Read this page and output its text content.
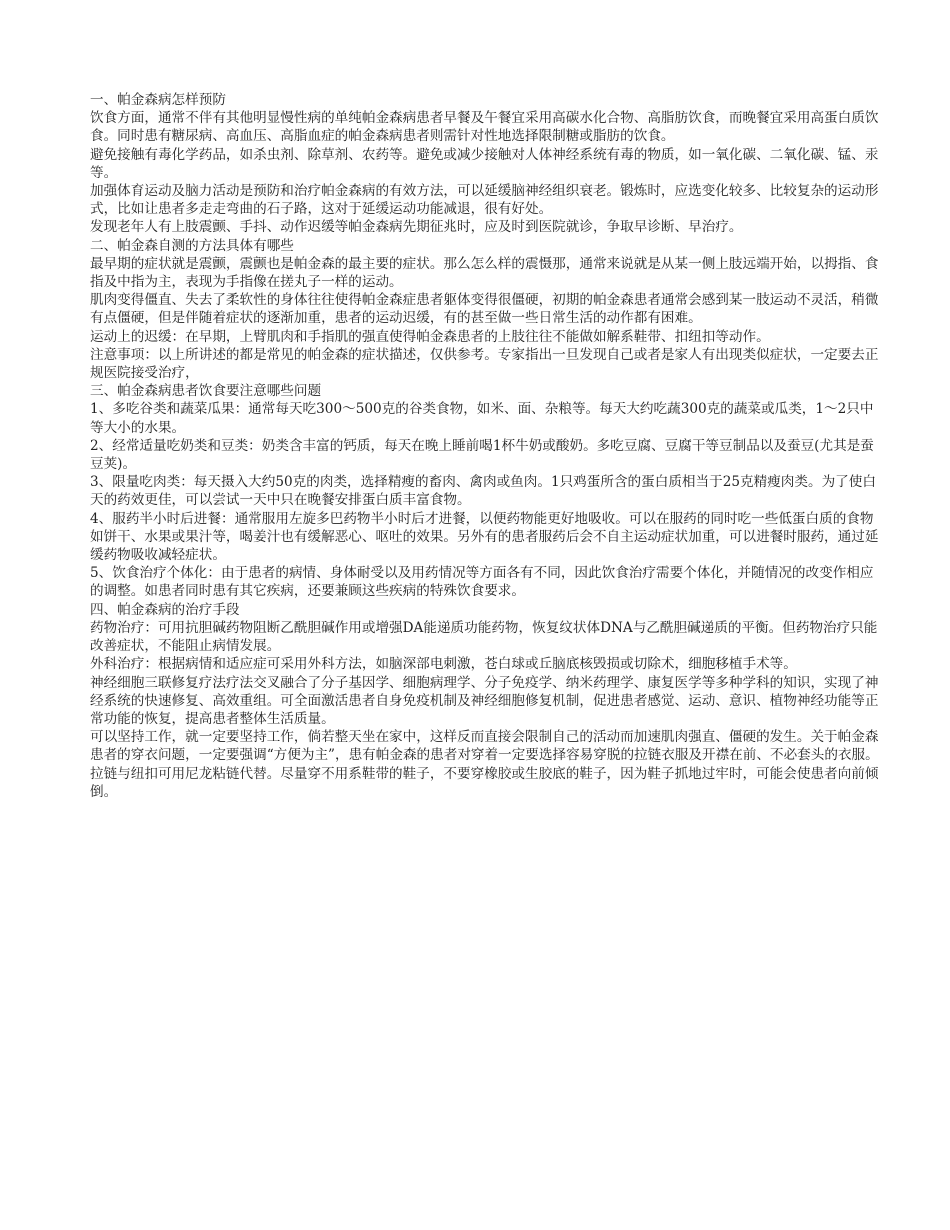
一、帕金森病怎样预防
饮食方面，通常不伴有其他明显慢性病的单纯帕金森病患者早餐及午餐宜采用高碳水化合物、高脂肪饮食，而晚餐宜采用高蛋白质饮食。同时患有糖尿病、高血压、高脂血症的帕金森病患者则需针对性地选择限制糖或脂肪的饮食。
避免接触有毒化学药品，如杀虫剂、除草剂、农药等。避免或减少接触对人体神经系统有毒的物质，如一氧化碳、二氧化碳、锰、汞等。
加强体育运动及脑力活动是预防和治疗帕金森病的有效方法，可以延缓脑神经组织衰老。锻炼时，应选变化较多、比较复杂的运动形式，比如让患者多走走弯曲的石子路，这对于延缓运动功能减退，很有好处。
发现老年人有上肢震颤、手抖、动作迟缓等帕金森病先期征兆时，应及时到医院就诊，争取早诊断、早治疗。
二、帕金森自测的方法具体有哪些
最早期的症状就是震颤，震颤也是帕金森的最主要的症状。那么怎么样的震慑那，通常来说就是从某一侧上肢远端开始，以拇指、食指及中指为主，表现为手指像在搓丸子一样的运动。
肌肉变得僵直、失去了柔软性的身体往往使得帕金森症患者躯体变得很僵硬，初期的帕金森患者通常会感到某一肢运动不灵活，稍微有点僵硬，但是伴随着症状的逐渐加重，患者的运动迟缓，有的甚至做一些日常生活的动作都有困难。
运动上的迟缓：在早期，上臂肌肉和手指肌的强直使得帕金森患者的上肢往往不能做如解系鞋带、扣纽扣等动作。
注意事项：以上所讲述的都是常见的帕金森的症状描述，仅供参考。专家指出一旦发现自己或者是家人有出现类似症状，一定要去正规医院接受治疗，
三、帕金森病患者饮食要注意哪些问题
1、多吃谷类和蔬菜瓜果：通常每天吃300～500克的谷类食物，如米、面、杂粮等。每天大约吃蔬300克的蔬菜或瓜类，1～2只中等大小的水果。
2、经常适量吃奶类和豆类：奶类含丰富的钙质，每天在晚上睡前喝1杯牛奶或酸奶。多吃豆腐、豆腐干等豆制品以及蚕豆(尤其是蚕豆荚)。
3、限量吃肉类：每天摄入大约50克的肉类，选择精瘦的畜肉、禽肉或鱼肉。1只鸡蛋所含的蛋白质相当于25克精瘦肉类。为了使白天的药效更佳，可以尝试一天中只在晚餐安排蛋白质丰富食物。
4、服药半小时后进餐：通常服用左旋多巴药物半小时后才进餐，以便药物能更好地吸收。可以在服药的同时吃一些低蛋白质的食物如饼干、水果或果汁等，喝姜汁也有缓解恶心、呕吐的效果。另外有的患者服药后会不自主运动症状加重，可以进餐时服药，通过延缓药物吸收减轻症状。
5、饮食治疗个体化：由于患者的病情、身体耐受以及用药情况等方面各有不同，因此饮食治疗需要个体化，并随情况的改变作相应的调整。如患者同时患有其它疾病，还要兼顾这些疾病的特殊饮食要求。
四、帕金森病的治疗手段
药物治疗：可用抗胆碱药物阻断乙酰胆碱作用或增强DA能递质功能药物，恢复纹状体DNA与乙酰胆碱递质的平衡。但药物治疗只能改善症状，不能阻止病情发展。
外科治疗：根据病情和适应症可采用外科方法，如脑深部电刺激，苍白球或丘脑底核毁损或切除术，细胞移植手术等。
神经细胞三联修复疗法疗法交叉融合了分子基因学、细胞病理学、分子免疫学、纳米药理学、康复医学等多种学科的知识，实现了神经系统的快速修复、高效重组。可全面激活患者自身免疫机制及神经细胞修复机制，促进患者感觉、运动、意识、植物神经功能等正常功能的恢复，提高患者整体生活质量。
可以坚持工作，就一定要坚持工作，倘若整天坐在家中，这样反而直接会限制自己的活动而加速肌肉强直、僵硬的发生。关于帕金森患者的穿衣问题，一定要强调“方便为主”，患有帕金森的患者对穿着一定要选择容易穿脱的拉链衣服及开襟在前、不必套头的衣服。拉链与纽扣可用尼龙粘链代替。尽量穿不用系鞋带的鞋子，不要穿橡胶或生胶底的鞋子，因为鞋子抓地过牢时，可能会使患者向前倾倒。
